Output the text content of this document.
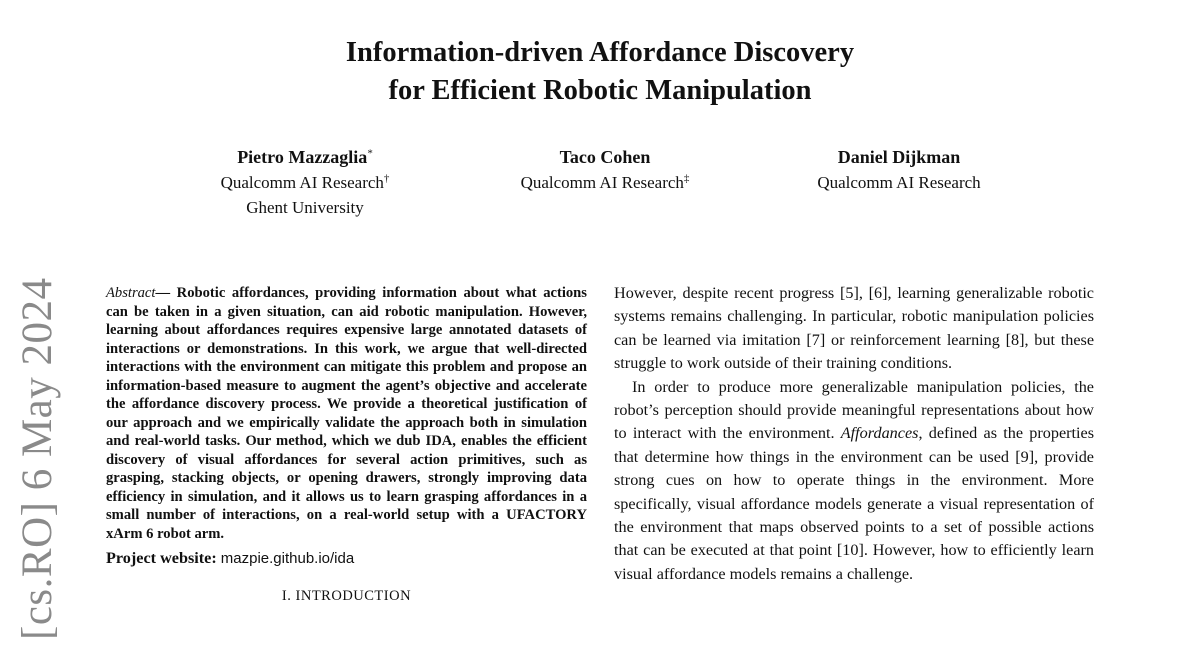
[cs.RO] 6 May 2024
Information-driven Affordance Discovery
for Efficient Robotic Manipulation
Pietro Mazzaglia*
Qualcomm AI Research†
Ghent University
Taco Cohen
Qualcomm AI Research‡
Daniel Dijkman
Qualcomm AI Research

Abstract— Robotic affordances, providing information about what actions can be taken in a given situation, can aid robotic manipulation. However, learning about affordances requires expensive large annotated datasets of interactions or demonstrations. In this work, we argue that well-directed interactions with the environment can mitigate this problem and propose an information-based measure to augment the agent’s objective and accelerate the affordance discovery process. We provide a theoretical justification of our approach and we empirically validate the approach both in simulation and real-world tasks. Our method, which we dub IDA, enables the efficient discovery of visual affordances for several action primitives, such as grasping, stacking objects, or opening drawers, strongly improving data efficiency in simulation, and it allows us to learn grasping affordances in a small number of interactions, on a real-world setup with a UFACTORY xArm 6 robot arm.

Project website: mazpie.github.io/ida

I. INTRODUCTION

However, despite recent progress [5], [6], learning generalizable robotic systems remains challenging. In particular, robotic manipulation policies can be learned via imitation [7] or reinforcement learning [8], but these struggle to work outside of their training conditions.

In order to produce more generalizable manipulation policies, the robot’s perception should provide meaningful representations about how to interact with the environment. Affordances, defined as the properties that determine how things in the environment can be used [9], provide strong cues on how to operate things in the environment. More specifically, visual affordance models generate a visual representation of the environment that maps observed points to a set of possible actions that can be executed at that point [10]. However, how to efficiently learn visual affordance models remains a challenge.
